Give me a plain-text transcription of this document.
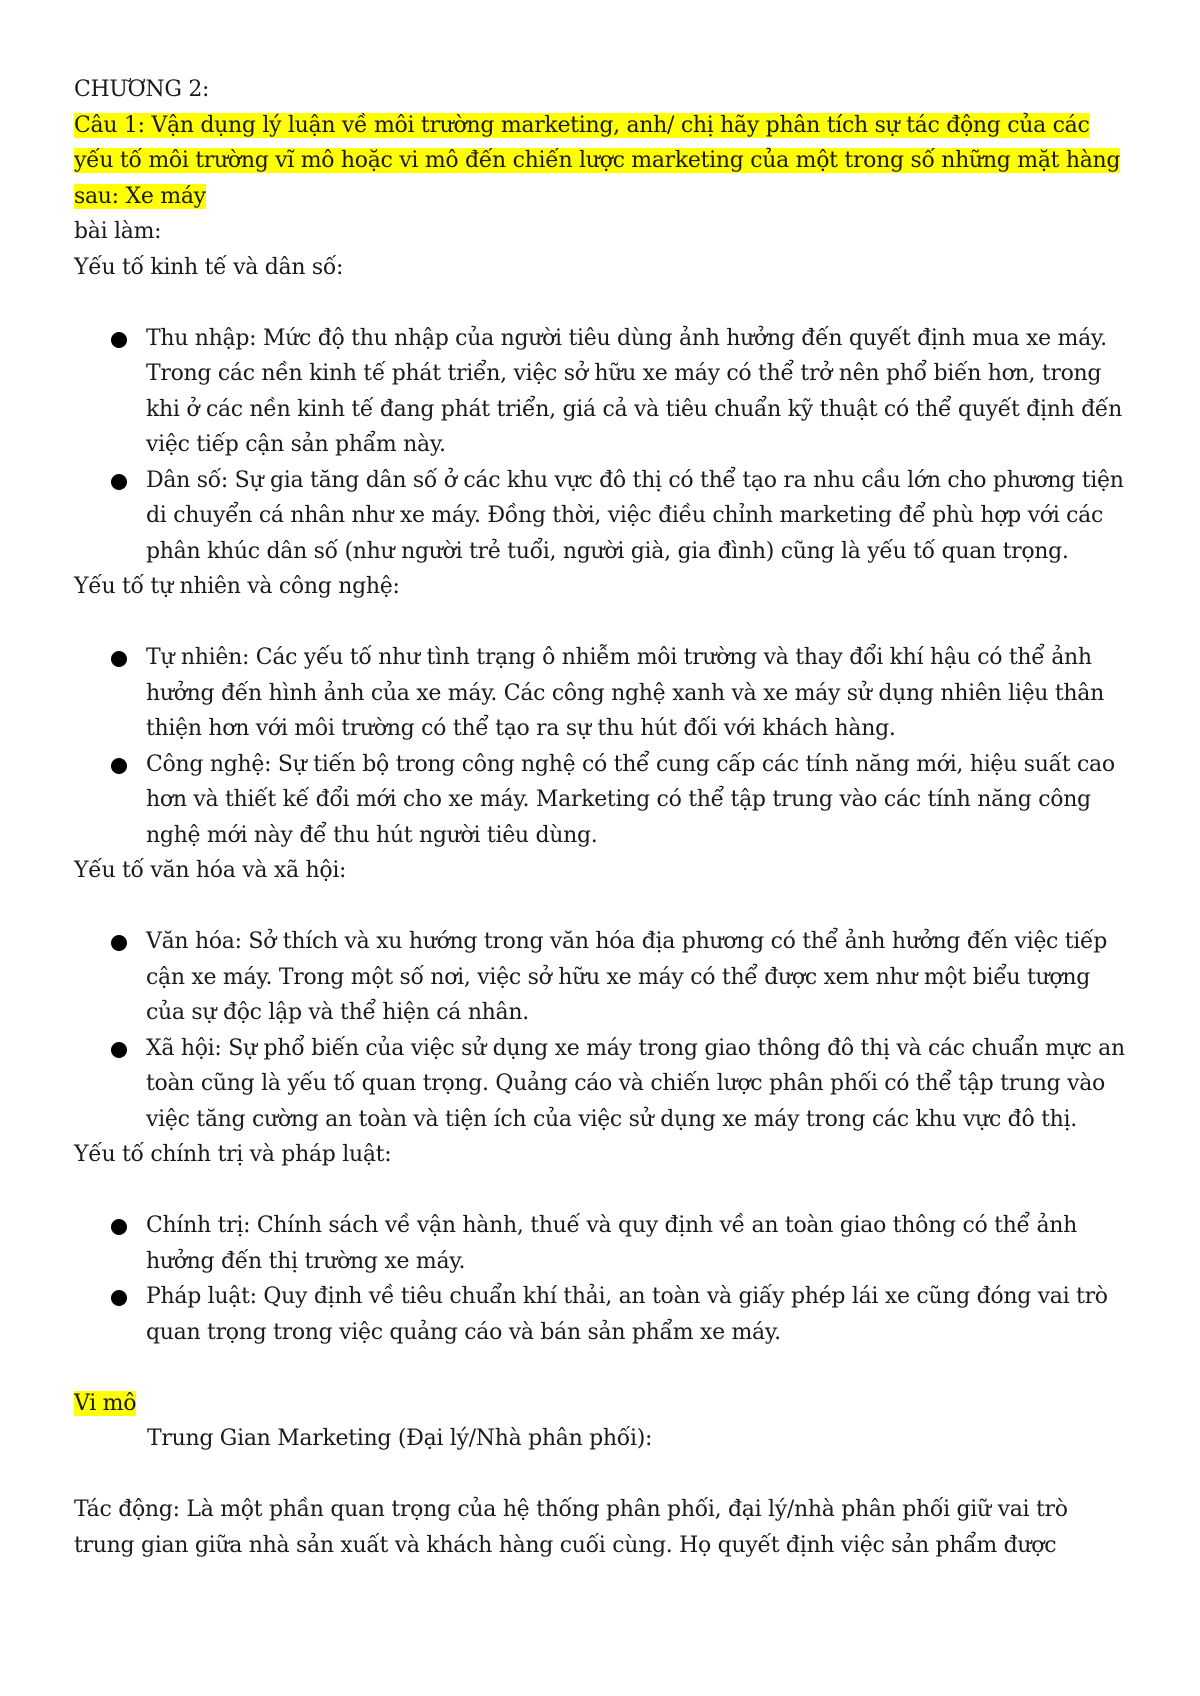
CHƯƠNG 2:

Câu 1: Vận dụng lý luận về môi trường marketing, anh/ chị hãy phân tích sự tác động của các yếu tố môi trường vĩ mô hoặc vi mô đến chiến lược marketing của một trong số những mặt hàng sau: Xe máy

bài làm:

Yếu tố kinh tế và dân số:

Thu nhập: Mức độ thu nhập của người tiêu dùng ảnh hưởng đến quyết định mua xe máy. Trong các nền kinh tế phát triển, việc sở hữu xe máy có thể trở nên phổ biến hơn, trong khi ở các nền kinh tế đang phát triển, giá cả và tiêu chuẩn kỹ thuật có thể quyết định đến việc tiếp cận sản phẩm này.
Dân số: Sự gia tăng dân số ở các khu vực đô thị có thể tạo ra nhu cầu lớn cho phương tiện di chuyển cá nhân như xe máy. Đồng thời, việc điều chỉnh marketing để phù hợp với các phân khúc dân số (như người trẻ tuổi, người già, gia đình) cũng là yếu tố quan trọng.

Yếu tố tự nhiên và công nghệ:

Tự nhiên: Các yếu tố như tình trạng ô nhiễm môi trường và thay đổi khí hậu có thể ảnh hưởng đến hình ảnh của xe máy. Các công nghệ xanh và xe máy sử dụng nhiên liệu thân thiện hơn với môi trường có thể tạo ra sự thu hút đối với khách hàng.
Công nghệ: Sự tiến bộ trong công nghệ có thể cung cấp các tính năng mới, hiệu suất cao hơn và thiết kế đổi mới cho xe máy. Marketing có thể tập trung vào các tính năng công nghệ mới này để thu hút người tiêu dùng.

Yếu tố văn hóa và xã hội:

Văn hóa: Sở thích và xu hướng trong văn hóa địa phương có thể ảnh hưởng đến việc tiếp cận xe máy. Trong một số nơi, việc sở hữu xe máy có thể được xem như một biểu tượng của sự độc lập và thể hiện cá nhân.
Xã hội: Sự phổ biến của việc sử dụng xe máy trong giao thông đô thị và các chuẩn mực an toàn cũng là yếu tố quan trọng. Quảng cáo và chiến lược phân phối có thể tập trung vào việc tăng cường an toàn và tiện ích của việc sử dụng xe máy trong các khu vực đô thị.

Yếu tố chính trị và pháp luật:

Chính trị: Chính sách về vận hành, thuế và quy định về an toàn giao thông có thể ảnh hưởng đến thị trường xe máy.
Pháp luật: Quy định về tiêu chuẩn khí thải, an toàn và giấy phép lái xe cũng đóng vai trò quan trọng trong việc quảng cáo và bán sản phẩm xe máy.

Vi mô

Trung Gian Marketing (Đại lý/Nhà phân phối):

Tác động: Là một phần quan trọng của hệ thống phân phối, đại lý/nhà phân phối giữ vai trò trung gian giữa nhà sản xuất và khách hàng cuối cùng. Họ quyết định việc sản phẩm được
